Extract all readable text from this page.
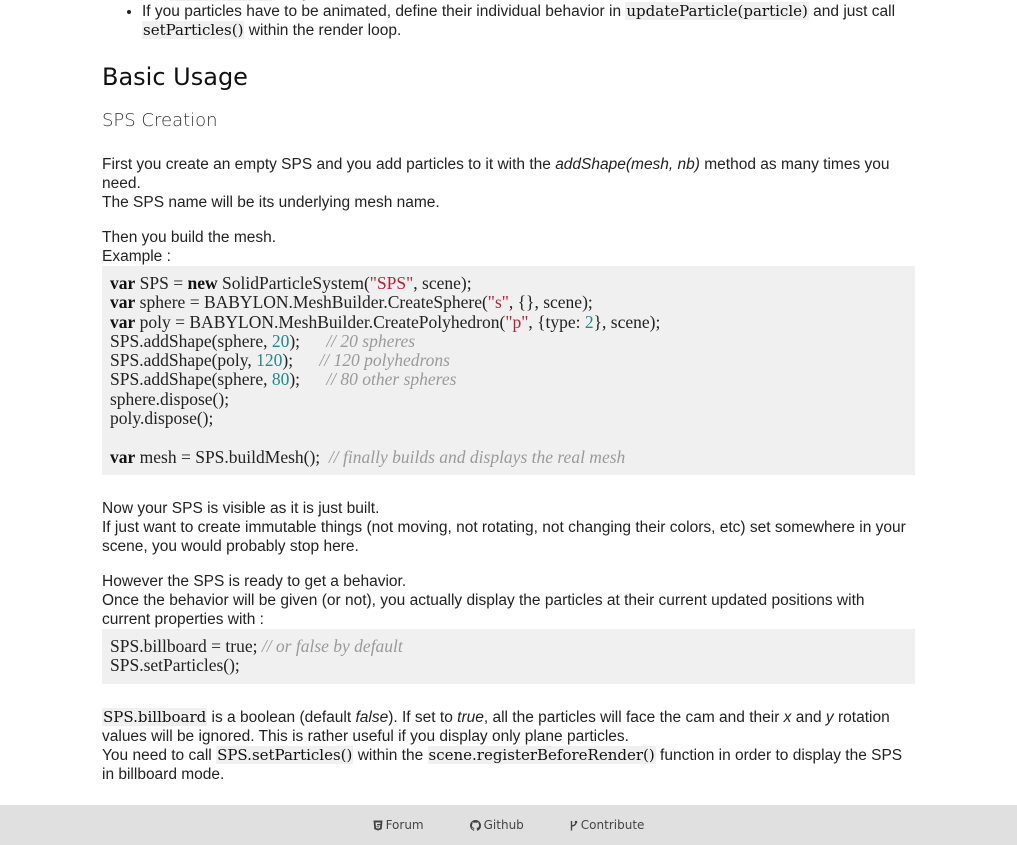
•
• If you particles have to be animated, define their individual behavior in updateParticle(particle) and just call setParticles() within the render loop.
Basic Usage
SPS Creation

First you create an empty SPS and you add particles to it with the addShape(mesh, nb) method as many times you need.
The SPS name will be its underlying mesh name.

Then you build the mesh.
Example :

var SPS = new SolidParticleSystem("SPS", scene);
var sphere = BABYLON.MeshBuilder.CreateSphere("s", {}, scene);
var poly = BABYLON.MeshBuilder.CreatePolyhedron("p", {type: 2}, scene);
SPS.addShape(sphere, 20);      // 20 spheres
SPS.addShape(poly, 120);      // 120 polyhedrons
SPS.addShape(sphere, 80);      // 80 other spheres
sphere.dispose();
poly.dispose();

var mesh = SPS.buildMesh();  // finally builds and displays the real mesh

Now your SPS is visible as it is just built.
If just want to create immutable things (not moving, not rotating, not changing their colors, etc) set somewhere in your scene, you would probably stop here.

However the SPS is ready to get a behavior.
Once the behavior will be given (or not), you actually display the particles at their current updated positions with current properties with :

SPS.billboard = true; // or false by default
SPS.setParticles();

SPS.billboard is a boolean (default false). If set to true, all the particles will face the cam and their x and y rotation values will be ignored. This is rather useful if you display only plane particles.
You need to call SPS.setParticles() within the scene.registerBeforeRender() function in order to display the SPS in billboard mode.

Forum	Github	Contribute
